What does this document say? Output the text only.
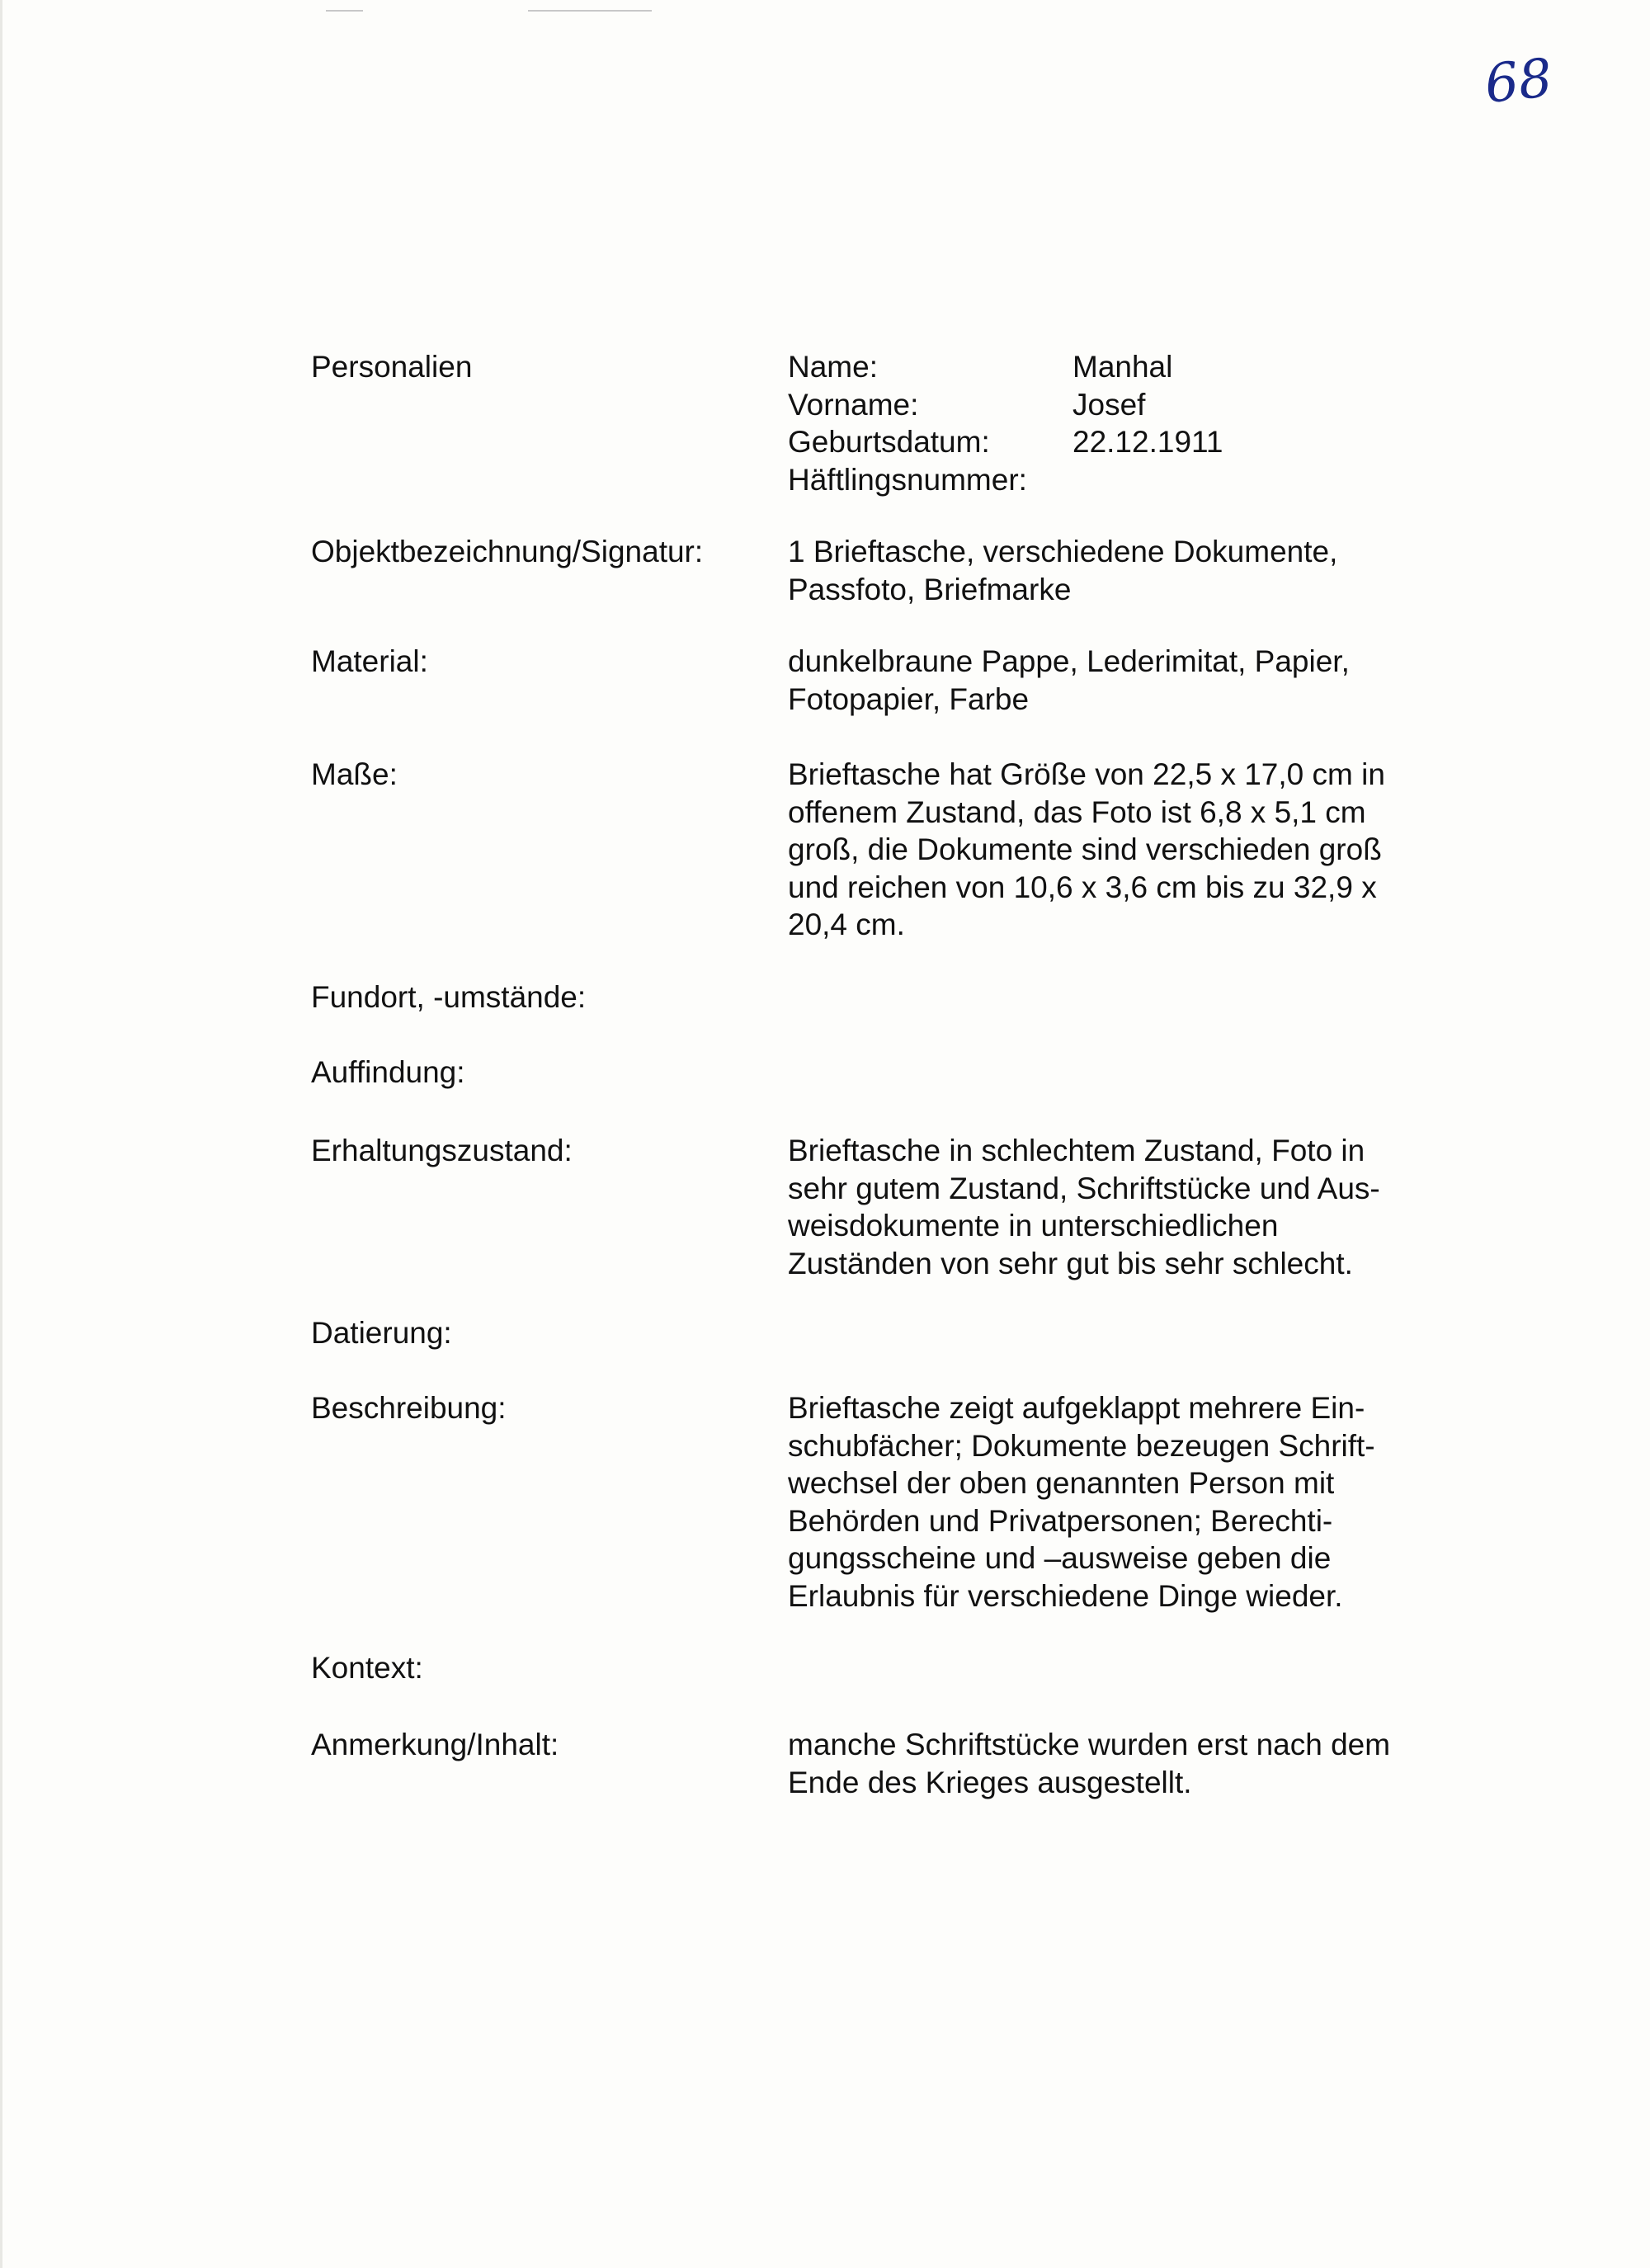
68
Personalien	Name:	Manhal
Vorname:	Josef
Geburtsdatum:	22.12.1911
Häftlingsnummer:
Objektbezeichnung/Signatur:	1 Brieftasche, verschiedene Dokumente,
Passfoto, Briefmarke
Material:	dunkelbraune Pappe, Lederimitat, Papier,
Fotopapier, Farbe
Maße:	Brieftasche hat Größe von 22,5 x 17,0 cm in
offenem Zustand, das Foto ist 6,8 x 5,1 cm
groß, die Dokumente sind verschieden groß
und reichen von 10,6 x 3,6 cm bis zu 32,9 x
20,4 cm.
Fundort, -umstände:
Auffindung:
Erhaltungszustand:	Brieftasche in schlechtem Zustand, Foto in
sehr gutem Zustand, Schriftstücke und Aus-
weisdokumente in unterschiedlichen
Zuständen von sehr gut bis sehr schlecht.
Datierung:
Beschreibung:	Brieftasche zeigt aufgeklappt mehrere Ein-
schubfächer; Dokumente bezeugen Schrift-
wechsel der oben genannten Person mit
Behörden und Privatpersonen; Berechti-
gungsscheine und –ausweise geben die
Erlaubnis für verschiedene Dinge wieder.
Kontext:
Anmerkung/Inhalt:	manche Schriftstücke wurden erst nach dem
Ende des Krieges ausgestellt.
